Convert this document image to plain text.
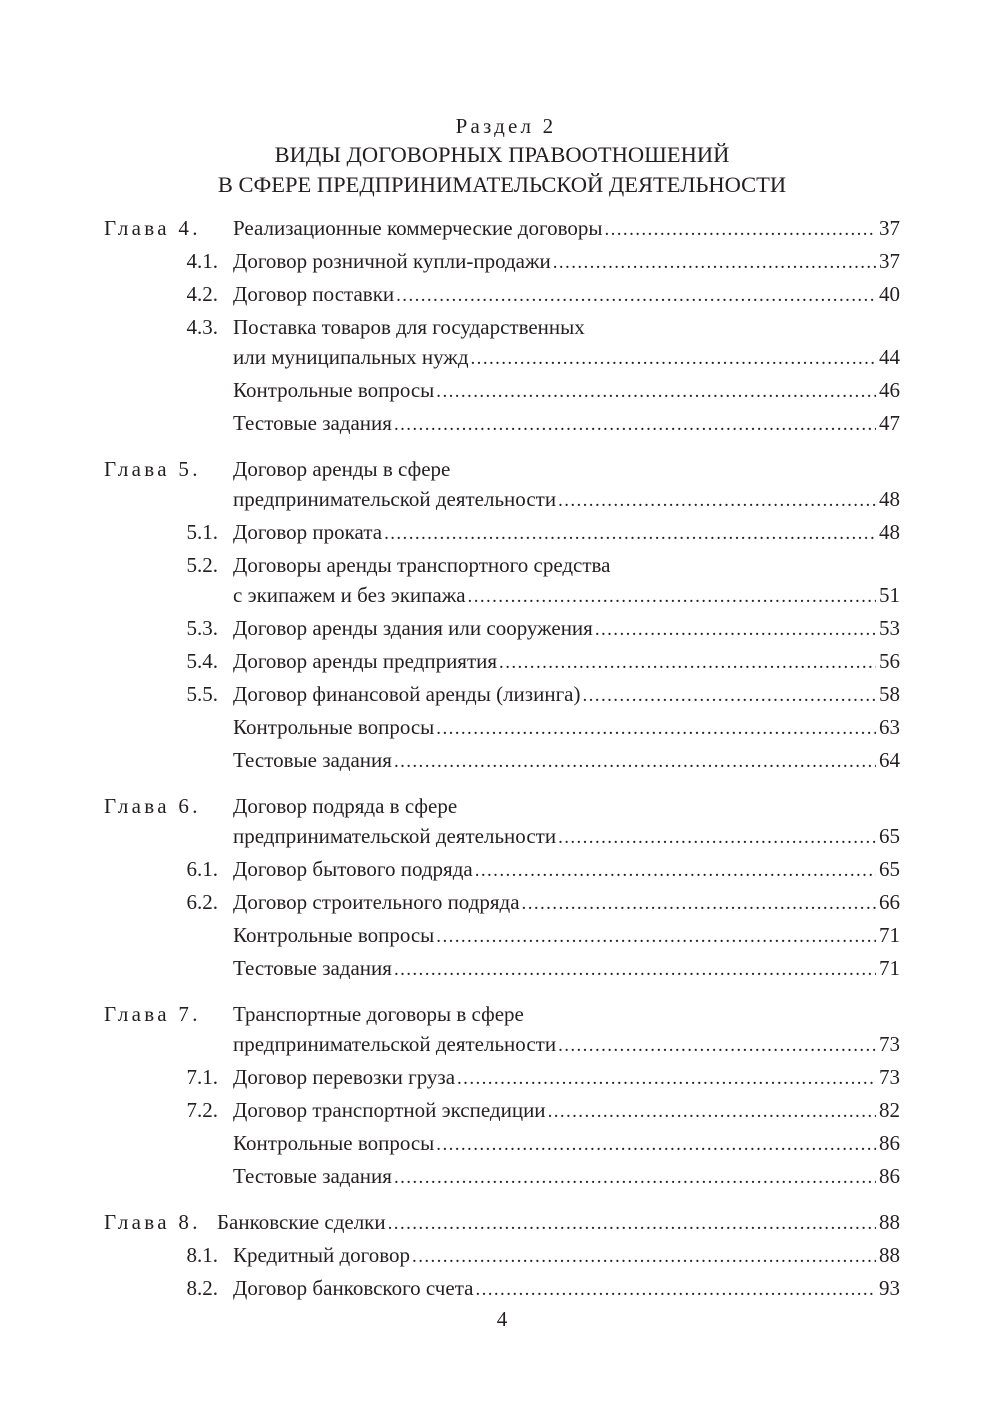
Раздел 2
ВИДЫ ДОГОВОРНЫХ ПРАВООТНОШЕНИЙ
В СФЕРЕ ПРЕДПРИНИМАТЕЛЬСКОЙ ДЕЯТЕЛЬНОСТИ
Глава 4. Реализационные коммерческие договоры .....	37
4.1. Договор розничной купли-продажи .....	37
4.2. Договор поставки .....	40
4.3. Поставка товаров для государственных
или муниципальных нужд .....	44
Контрольные вопросы .....	46
Тестовые задания .....	47
Глава 5. Договор аренды в сфере
предпринимательской деятельности .....	48
5.1. Договор проката .....	48
5.2. Договоры аренды транспортного средства
с экипажем и без экипажа .....	51
5.3. Договор аренды здания или сооружения .....	53
5.4. Договор аренды предприятия .....	56
5.5. Договор финансовой аренды (лизинга) .....	58
Контрольные вопросы .....	63
Тестовые задания .....	64
Глава 6. Договор подряда в сфере
предпринимательской деятельности .....	65
6.1. Договор бытового подряда .....	65
6.2. Договор строительного подряда .....	66
Контрольные вопросы .....	71
Тестовые задания .....	71
Глава 7. Транспортные договоры в сфере
предпринимательской деятельности .....	73
7.1. Договор перевозки груза .....	73
7.2. Договор транспортной экспедиции .....	82
Контрольные вопросы .....	86
Тестовые задания .....	86
Глава 8. Банковские сделки .....	88
8.1. Кредитный договор .....	88
8.2. Договор банковского счета .....	93
4
